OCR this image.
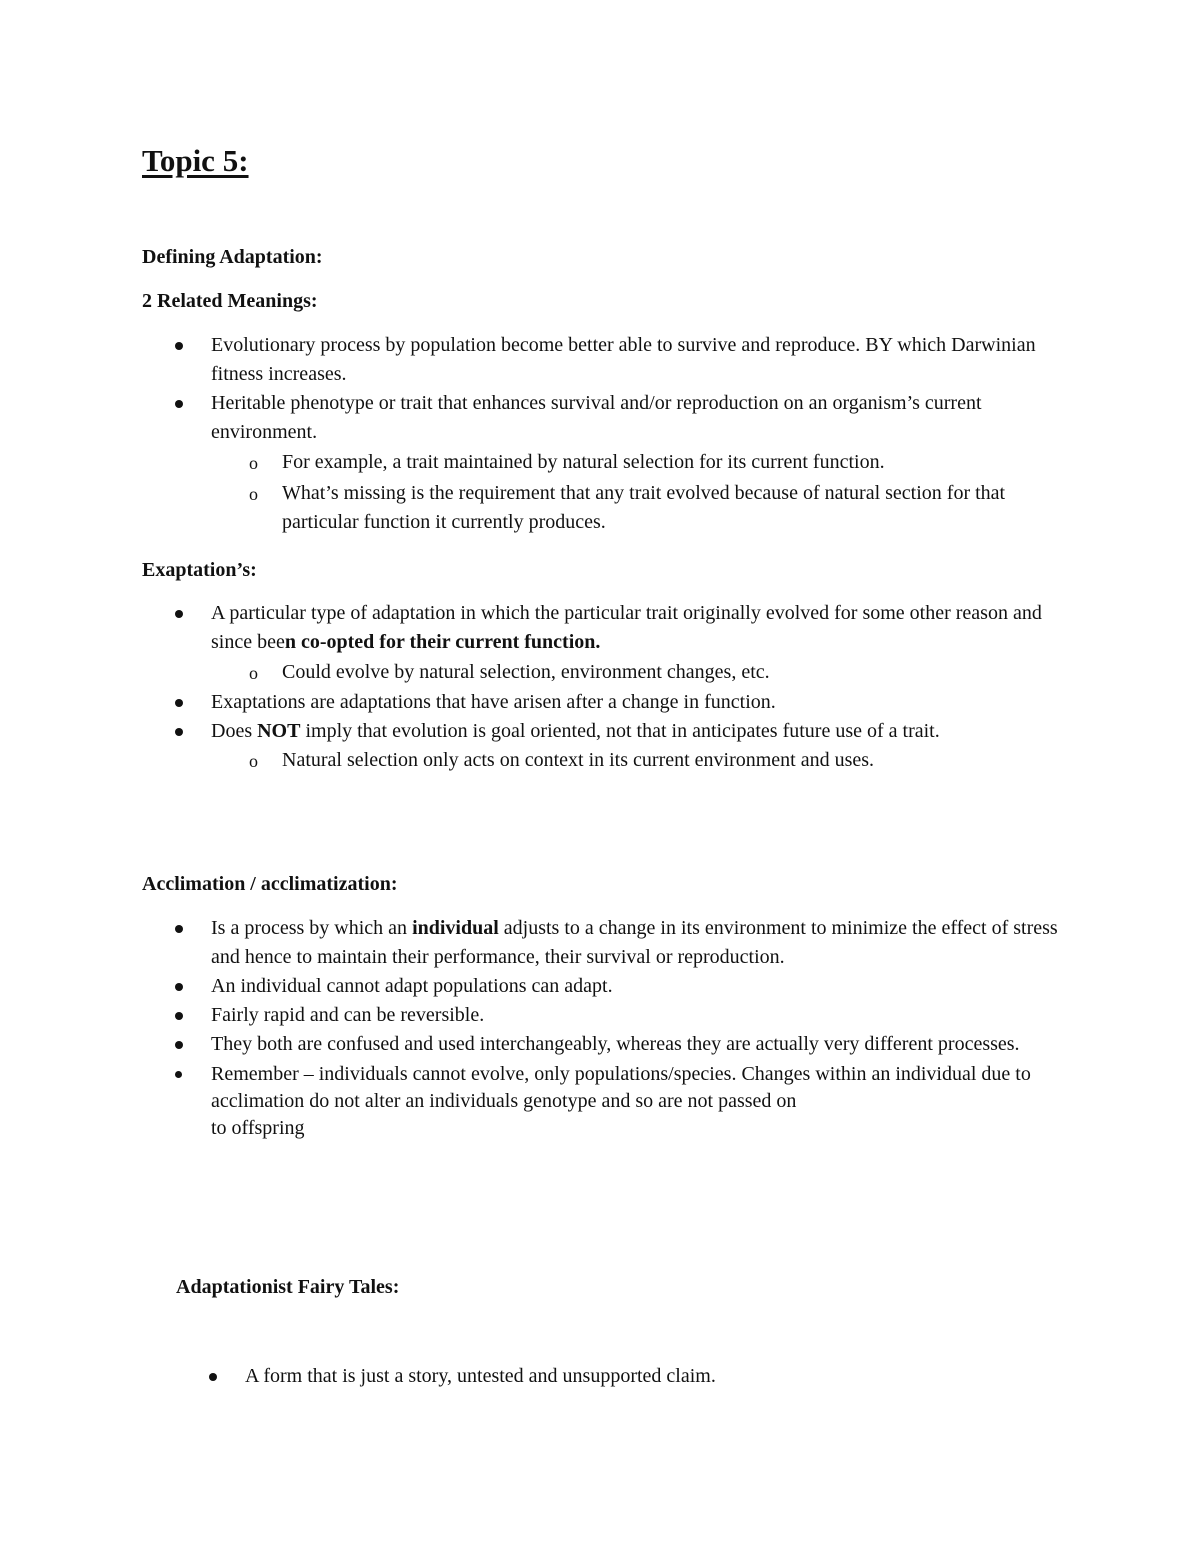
Topic 5:
Defining Adaptation:
2 Related Meanings:
Evolutionary process by population become better able to survive and reproduce. BY which Darwinian fitness increases.
Heritable phenotype or trait that enhances survival and/or reproduction on an organism’s current environment.
o For example, a trait maintained by natural selection for its current function.
o What’s missing is the requirement that any trait evolved because of natural section for that particular function it currently produces.
Exaptation’s:
A particular type of adaptation in which the particular trait originally evolved for some other reason and since been co-opted for their current function.
o Could evolve by natural selection, environment changes, etc.
Exaptations are adaptations that have arisen after a change in function.
Does NOT imply that evolution is goal oriented, not that in anticipates future use of a trait.
o Natural selection only acts on context in its current environment and uses.
Acclimation / acclimatization:
Is a process by which an individual adjusts to a change in its environment to minimize the effect of stress and hence to maintain their performance, their survival or reproduction.
An individual cannot adapt populations can adapt.
Fairly rapid and can be reversible.
They both are confused and used interchangeably, whereas they are actually very different processes.
Remember – individuals cannot evolve, only populations/species. Changes within an individual due to acclimation do not alter an individuals genotype and so are not passed on
to offspring
Adaptationist Fairy Tales:
A form that is just a story, untested and unsupported claim.
